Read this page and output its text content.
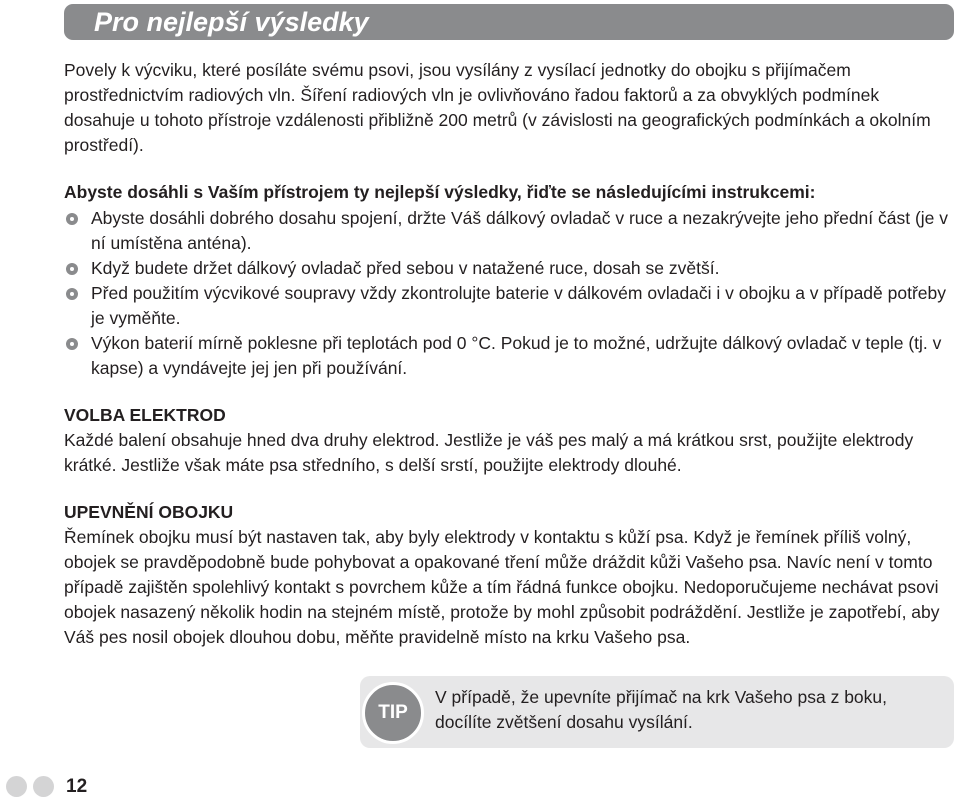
Pro nejlepší výsledky

Povely k výcviku, které posíláte svému psovi, jsou vysílány z vysílací jednotky do obojku s přijímačem prostřednictvím radiových vln. Šíření radiových vln je ovlivňováno řadou faktorů a za obvyklých podmínek dosahuje u tohoto přístroje vzdálenosti přibližně 200 metrů (v závislosti na geografických podmínkách a okolním prostředí).

Abyste dosáhli s Vaším přístrojem ty nejlepší výsledky, řiďte se následujícími instrukcemi:

Abyste dosáhli dobrého dosahu spojení, držte Váš dálkový ovladač v ruce a nezakrývejte jeho přední část (je v ní umístěna anténa).
Když budete držet dálkový ovladač před sebou v natažené ruce, dosah se zvětší.
Před použitím výcvikové soupravy vždy zkontrolujte baterie v dálkovém ovladači i v obojku a v případě potřeby je vyměňte.
Výkon baterií mírně poklesne při teplotách pod 0 °C. Pokud je to možné, udržujte dálkový ovladač v teple (tj. v kapse) a vyndávejte jej jen při používání.
VOLBA ELEKTROD

Každé balení obsahuje hned dva druhy elektrod. Jestliže je váš pes malý a má krátkou srst, použijte elektrody krátké. Jestliže však máte psa středního, s delší srstí, použijte elektrody dlouhé.

UPEVNĚNÍ OBOJKU

Řemínek obojku musí být nastaven tak, aby byly elektrody v kontaktu s kůží psa. Když je řemínek příliš volný, obojek se pravděpodobně bude pohybovat a opakované tření může dráždit kůži Vašeho psa. Navíc není v tomto případě zajištěn spolehlivý kontakt s povrchem kůže a tím řádná funkce obojku. Nedoporučujeme nechávat psovi obojek nasazený několik hodin na stejném místě, protože by mohl způsobit podráždění. Jestliže je zapotřebí, aby Váš pes nosil obojek dlouhou dobu, měňte pravidelně místo na krku Vašeho psa.

TIP
V případě, že upevníte přijímač na krk Vašeho psa z boku, docílíte zvětšení dosahu vysílání.
12
